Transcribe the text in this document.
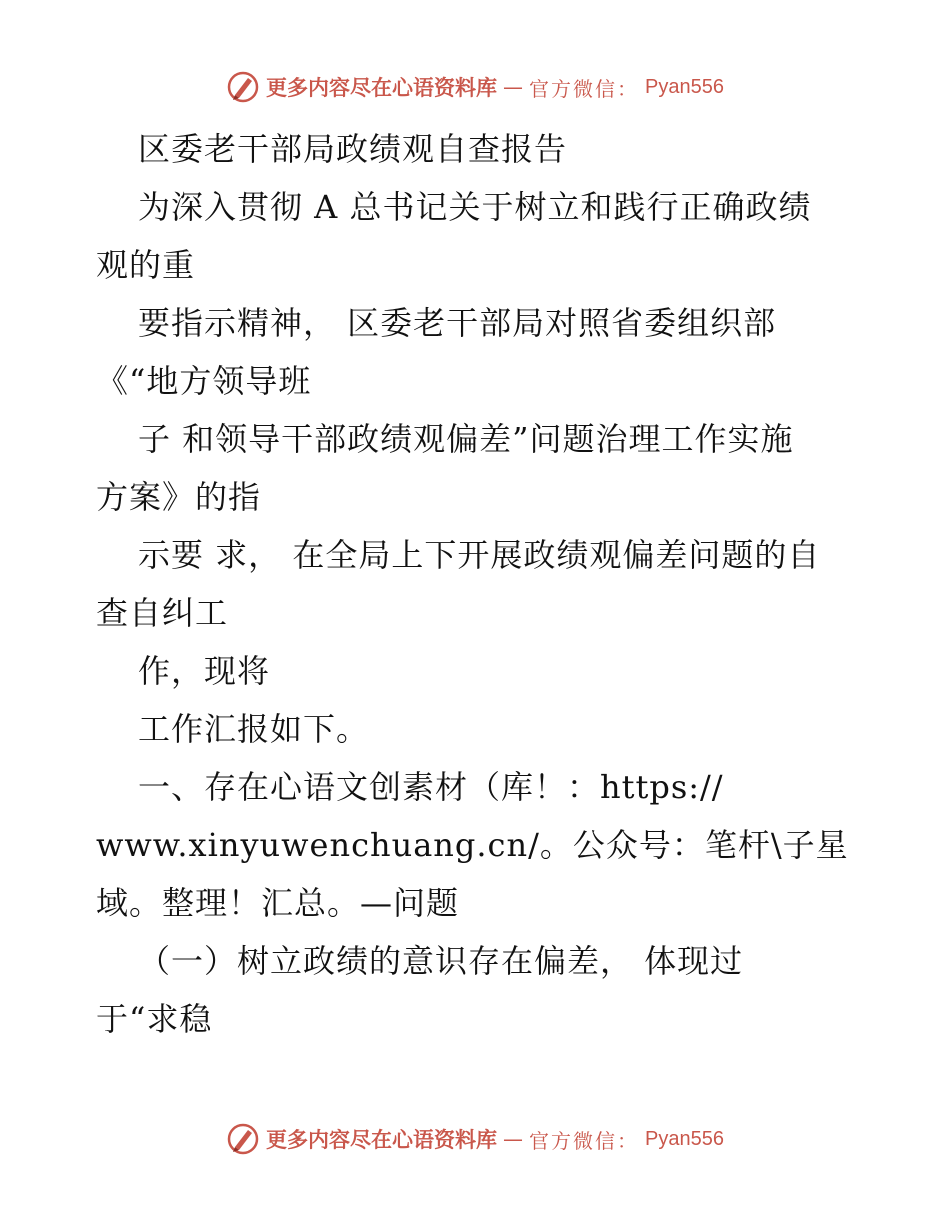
更多内容尽在心语资料库 — 官方微信： Pyan556
区委老干部局政绩观自查报告
为深入贯彻 A 总书记关于树立和践行正确政绩
观的重
要指示精神， 区委老干部局对照省委组织部
《“地方领导班
子 和领导干部政绩观偏差”问题治理工作实施
方案》的指
示要 求， 在全局上下开展政绩观偏差问题的自
查自纠工
作，现将
工作汇报如下。
一、存在心语文创素材（库！：https://
www.xinyuwenchuang.cn/。公众号：笔杆\子星
域。整理！汇总。—问题
（一）树立政绩的意识存在偏差， 体现过
于“求稳
更多内容尽在心语资料库 — 官方微信： Pyan556
